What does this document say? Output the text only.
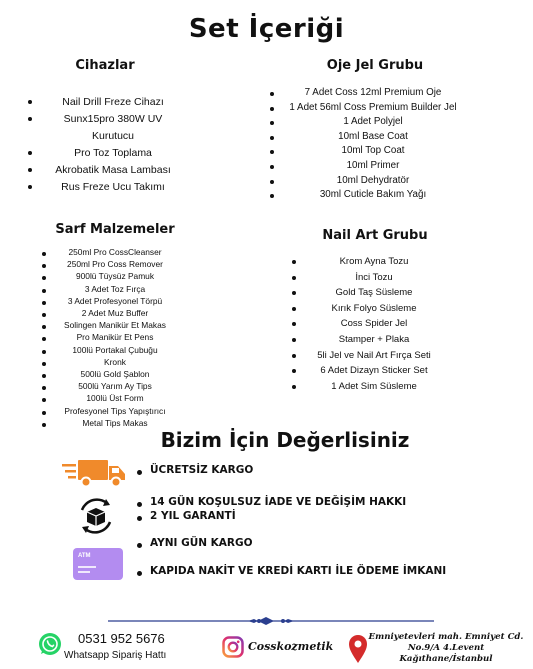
Set İçeriği
Cihazlar
Nail Drill Freze Cihazı
Sunx15pro 380W UV
Kurutucu
Pro Toz Toplama
Akrobatik Masa Lambası
Rus Freze Ucu Takımı
Oje Jel Grubu
7 Adet Coss 12ml Premium Oje
1 Adet 56ml Coss Premium Builder Jel
1 Adet Polyjel
10ml Base Coat
10ml Top Coat
10ml Primer
10ml Dehydratör
30ml Cuticle Bakım Yağı
Sarf Malzemeler
250ml Pro CossCleanser
250ml Pro Coss Remover
900lü Tüysüz Pamuk
3 Adet Toz Fırça
3 Adet Profesyonel Törpü
2 Adet Muz Buffer
Solingen Manikür Et Makas
Pro Manikür Et Pens
100lü Portakal Çubuğu
Kronk
500lü Gold Şablon
500lü Yarım Ay Tips
100lü Üst Form
Profesyonel Tips Yapıştırıcı
Metal Tips Makas
Nail Art Grubu
Krom Ayna Tozu
İnci Tozu
Gold Taş Süsleme
Kırık Folyo Süsleme
Coss Spider Jel
Stamper + Plaka
5li Jel ve Nail Art Fırça Seti
6 Adet Dizayn Sticker Set
1 Adet Sim Süsleme
Bizim İçin Değerlisiniz
ATM
ÜCRETSİZ KARGO
14 GÜN KOŞULSUZ İADE VE DEĞİŞİM HAKKI
2 YIL GARANTİ
AYNI GÜN KARGO
KAPIDA NAKİT VE KREDİ KARTI İLE ÖDEME İMKANI
0531 952 5676
Whatsapp Sipariş Hattı
Cosskozmetik
Emniyetevleri mah. Emniyet Cd.
No.9/A 4.Levent
Kağıthane/İstanbul
